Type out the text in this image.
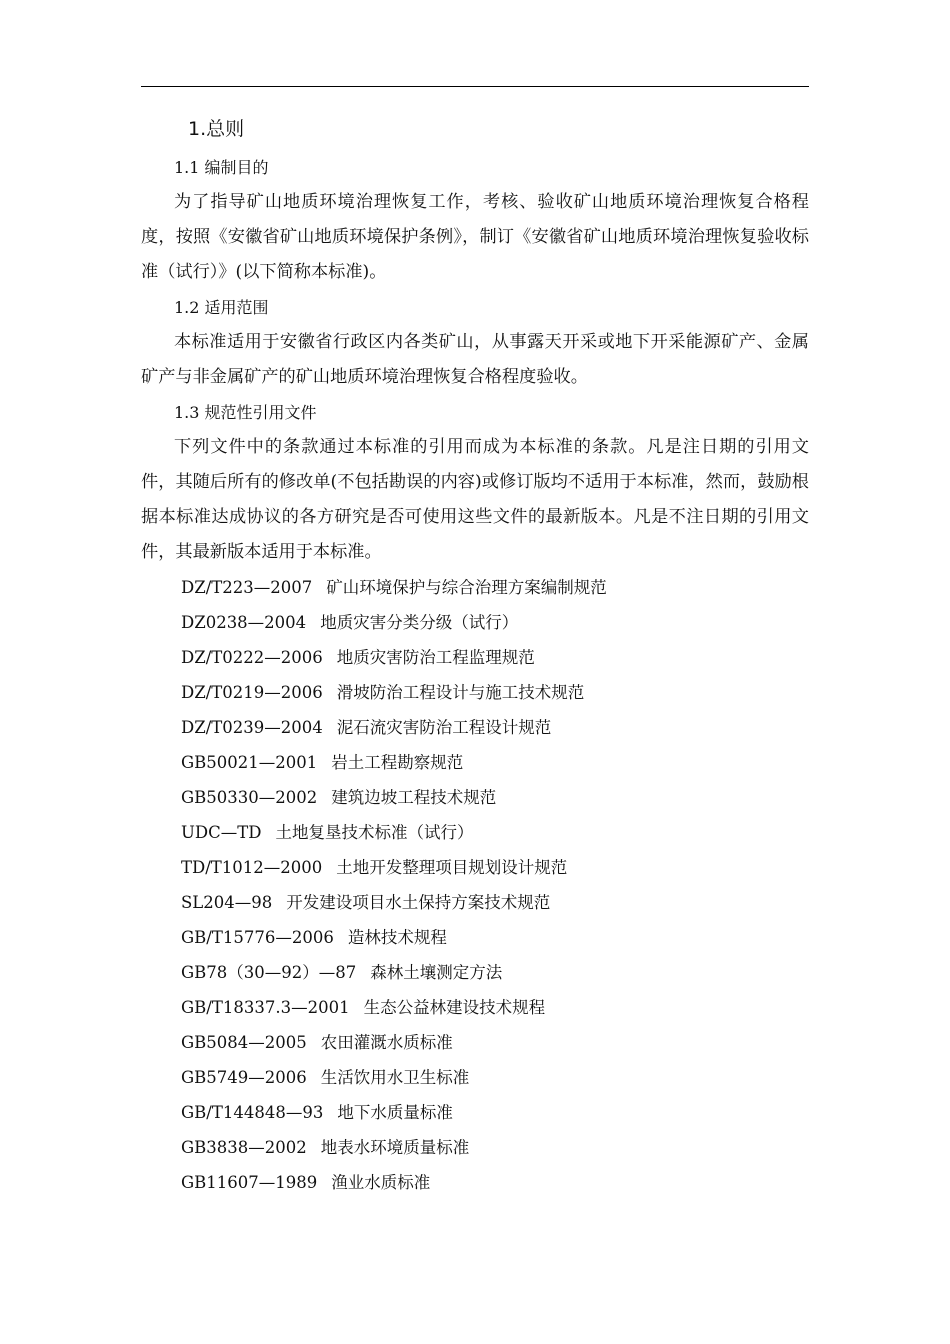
1.总则

1.1 编制目的

为了指导矿山地质环境治理恢复工作，考核、验收矿山地质环境治理恢复合格程度，按照《安徽省矿山地质环境保护条例》，制订《安徽省矿山地质环境治理恢复验收标准（试行）》(以下简称本标准)。

1.2 适用范围

本标准适用于安徽省行政区内各类矿山，从事露天开采或地下开采能源矿产、金属矿产与非金属矿产的矿山地质环境治理恢复合格程度验收。

1.3 规范性引用文件

下列文件中的条款通过本标准的引用而成为本标准的条款。凡是注日期的引用文件，其随后所有的修改单(不包括勘误的内容)或修订版均不适用于本标准，然而，鼓励根据本标准达成协议的各方研究是否可使用这些文件的最新版本。凡是不注日期的引用文件，其最新版本适用于本标准。

DZ/T223—2007 矿山环境保护与综合治理方案编制规范
DZ0238—2004 地质灾害分类分级（试行）
DZ/T0222—2006 地质灾害防治工程监理规范
DZ/T0219—2006 滑坡防治工程设计与施工技术规范
DZ/T0239—2004 泥石流灾害防治工程设计规范
GB50021—2001 岩土工程勘察规范
GB50330—2002 建筑边坡工程技术规范
UDC—TD 土地复垦技术标准（试行）
TD/T1012—2000 土地开发整理项目规划设计规范
SL204—98 开发建设项目水土保持方案技术规范
GB/T15776—2006 造林技术规程
GB78（30—92）—87 森林土壤测定方法
GB/T18337.3—2001 生态公益林建设技术规程
GB5084—2005 农田灌溉水质标准
GB5749—2006 生活饮用水卫生标准
GB/T144848—93 地下水质量标准
GB3838—2002 地表水环境质量标准
GB11607—1989 渔业水质标准
